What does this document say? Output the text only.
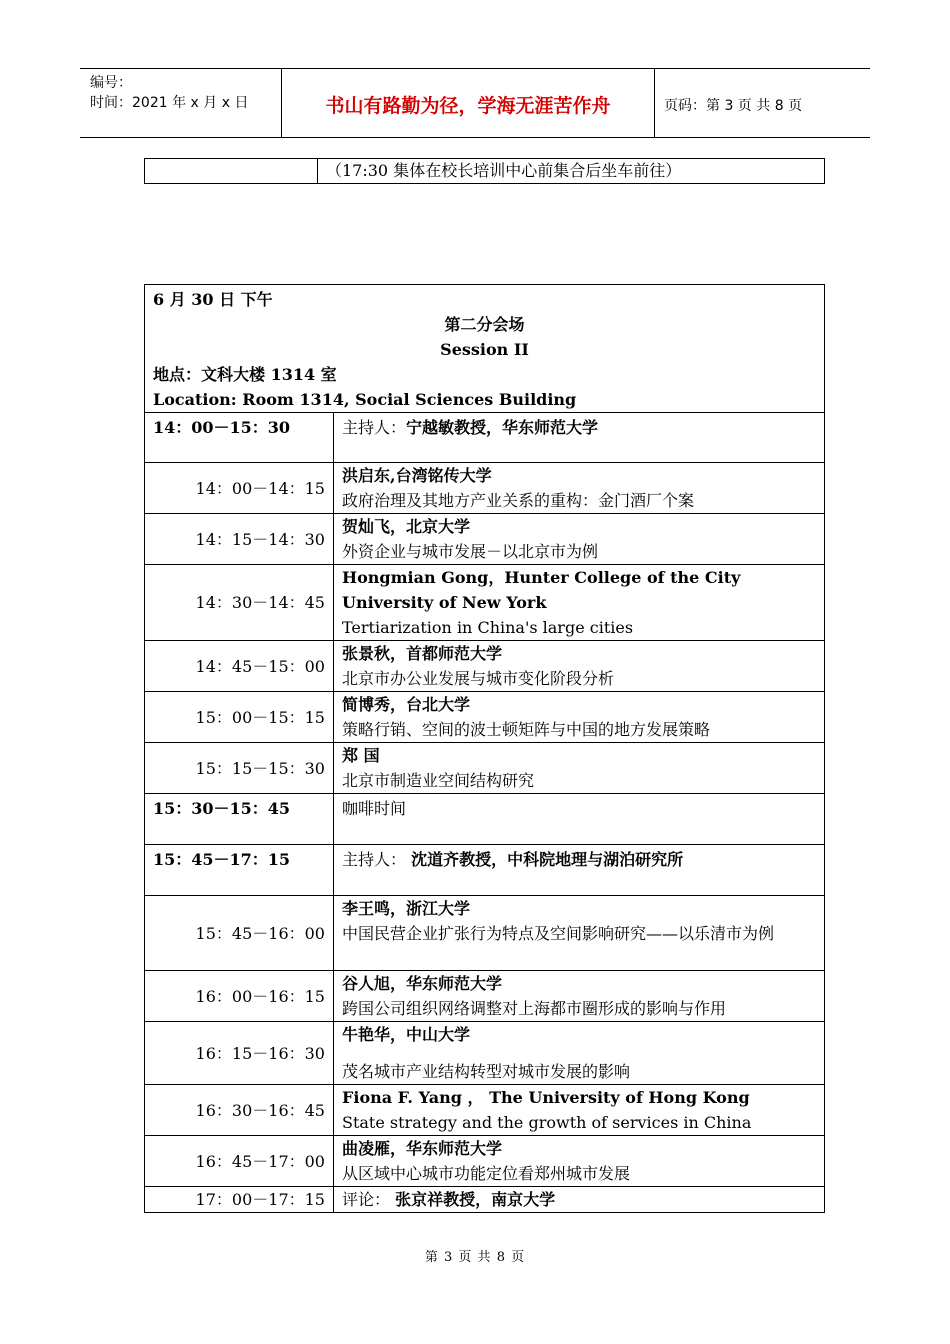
编号：
时间：2021 年 x 月 x 日	书山有路勤为径，学海无涯苦作舟	页码：第 3 页 共 8 页
	（17:30 集体在校长培训中心前集合后坐车前往）
6 月 30 日 下午
第二分会场
Session II
地点：文科大楼 1314 室
Location: Room 1314, Social Sciences Building	

14：00－15：30	主持人：宁越敏教授，华东师范大学
14：00－14：15	洪启东,台湾铭传大学
政府治理及其地方产业关系的重构：金门酒厂个案

14：15－14：30	贺灿飞，北京大学
外资企业与城市发展－以北京市为例

14：30－14：45	Hongmian Gong，Hunter College of the City University of New York
Tertiarization in China's large cities

14：45－15：00	张景秋，首都师范大学
北京市办公业发展与城市变化阶段分析

15：00－15：15	简博秀，台北大学
策略行销、空间的波士顿矩阵与中国的地方发展策略

15：15－15：30	郑 国
北京市制造业空间结构研究

15：30－15：45	咖啡时间
15：45－17：15	主持人： 沈道齐教授，中科院地理与湖泊研究所
15：45－16：00	李王鸣，浙江大学
中国民营企业扩张行为特点及空间影响研究——以乐清市为例

16：00－16：15	谷人旭，华东师范大学
跨国公司组织网络调整对上海都市圈形成的影响与作用

16：15－16：30	牛艳华，中山大学
茂名城市产业结构转型对城市发展的影响

16：30－16：45	Fiona F. Yang ， The University of Hong Kong
State strategy and the growth of services in China

16：45－17：00	曲凌雁，华东师范大学
从区域中心城市功能定位看郑州城市发展

17：00－17：15	评论： 张京祥教授，南京大学
第 3 页 共 8 页
